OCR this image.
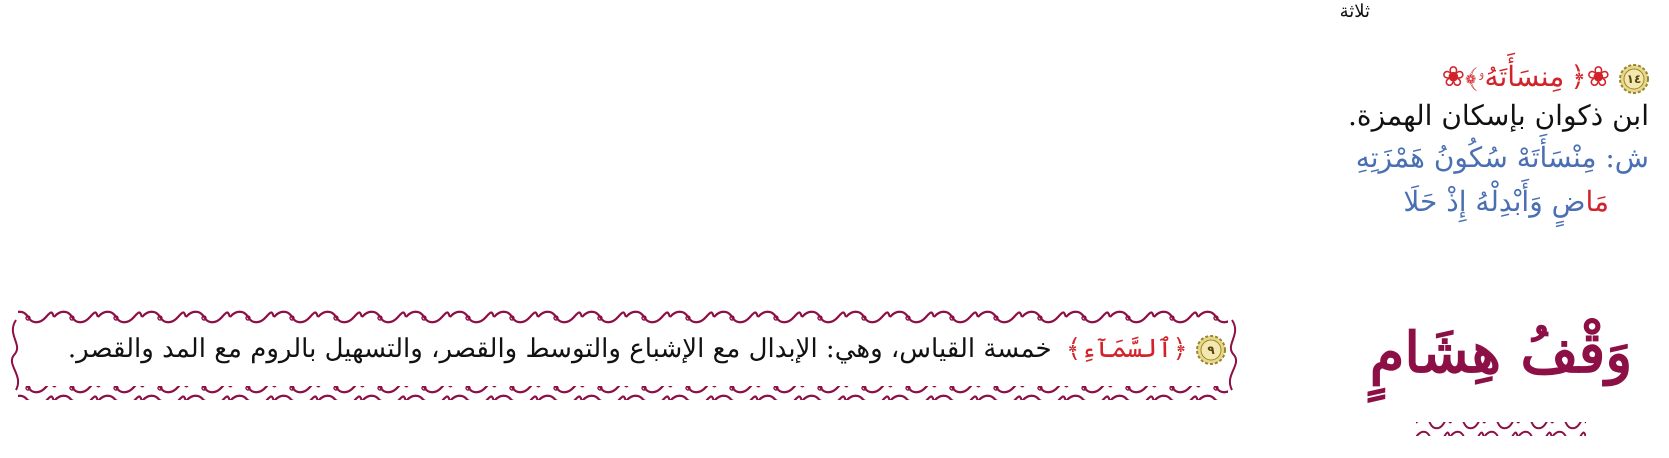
ثلاثة
١٤
❀﴿مِنسَأَتَهُۥ﴾❀
ابن ذكوان بإسكان الهمزة.
ش: مِنْسَأَتَهْ سُكُونُ هَمْزَتِهِ
مَاضٍ وَأَبْدِلْهُ إِذْ حَلَا
٩
﴿ٱلسَّمَآءِ﴾ خمسة القياس، وهي: الإبدال مع الإشباع والتوسط والقصر، والتسهيل بالروم مع المد والقصر.	وَقْفُ هِشَامٍ
